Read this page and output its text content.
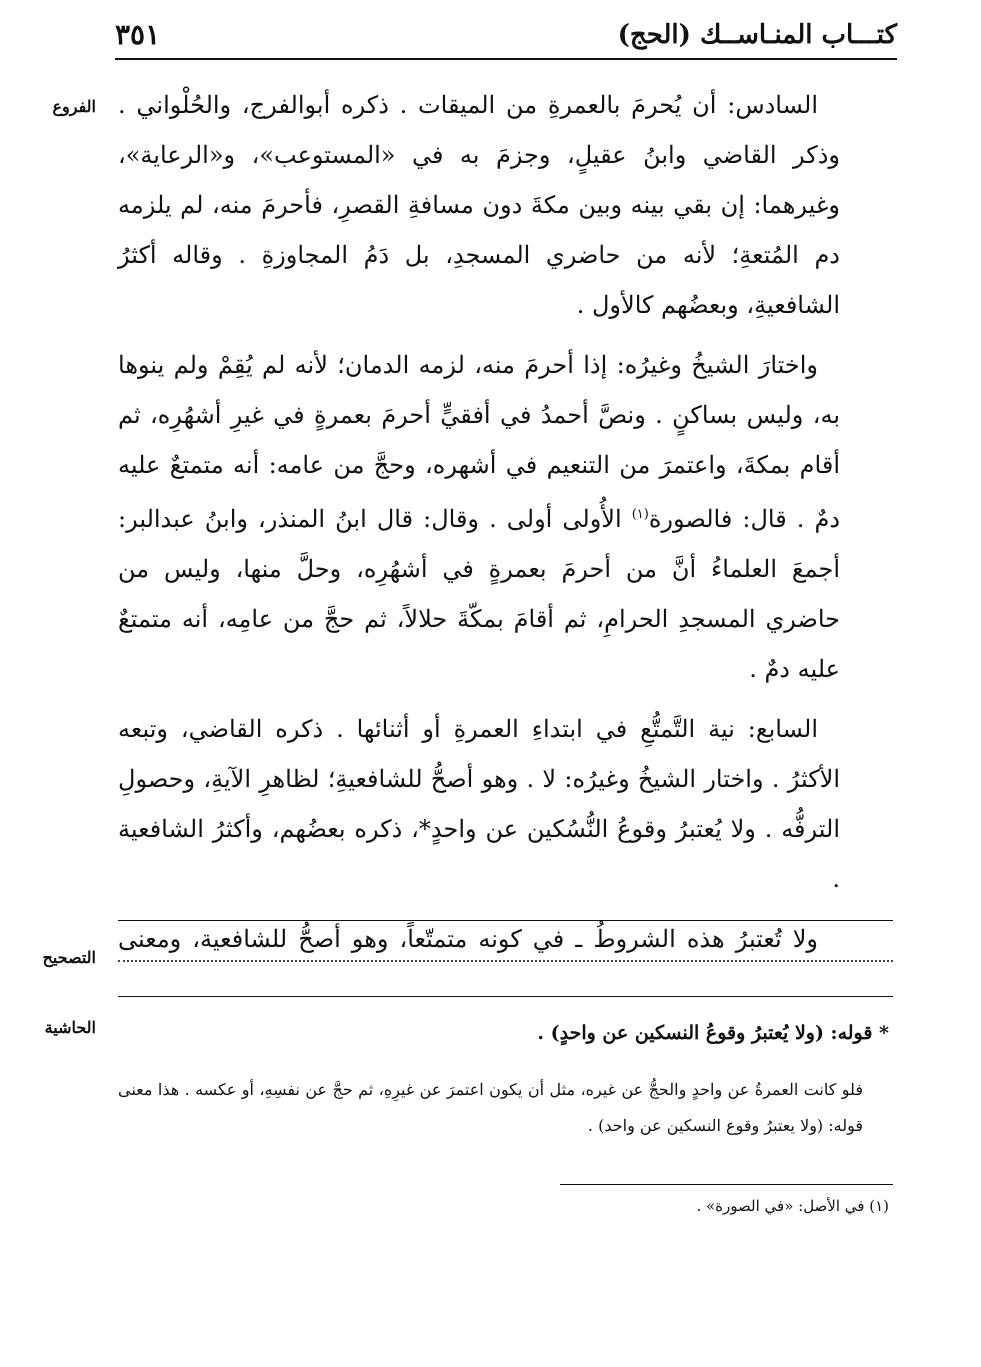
كتـــاب المنـاســك (الحج)
٣٥١
الفروع السادس: أن يُحرمَ بالعمرةِ من الميقات . ذكره أبوالفرج، والحُلْواني . وذكر القاضي وابنُ عقيلٍ، وجزمَ به في «المستوعب»، و«الرعاية»، وغيرهما: إن بقي بينه وبين مكةَ دون مسافةِ القصرِ، فأحرمَ منه، لم يلزمه دم المُتعةِ؛ لأنه من حاضري المسجدِ، بل دَمُ المجاوزةِ . وقاله أكثرُ الشافعيةِ، وبعضُهم كالأول .

واختارَ الشيخُ وغيرُه: إذا أحرمَ منه، لزمه الدمان؛ لأنه لم يُقِمْ ولم ينوها به، وليس بساكنٍ . ونصَّ أحمدُ في أفقيٍّ أحرمَ بعمرةٍ في غيرِ أشهُرِه، ثم أقام بمكةَ، واعتمرَ من التنعيم في أشهره، وحجَّ من عامه: أنه متمتعٌ عليه دمٌ . قال: فالصورة$^{(١)}$ الأُولى أولى . وقال: قال ابنُ المنذر، وابنُ عبدالبر: أجمعَ العلماءُ أنَّ من أحرمَ بعمرةٍ في أشهُرِه، وحلَّ منها، وليس من حاضري المسجدِ الحرامِ، ثم أقامَ بمكّةَ حلالاً، ثم حجَّ من عامِه، أنه متمتعٌ عليه دمٌ .

السابع: نية التَّمتُّعِ في ابتداءِ العمرةِ أو أثنائها . ذكره القاضي، وتبعه الأكثرُ . واختار الشيخُ وغيرُه: لا . وهو أصحُّ للشافعيةِ؛ لظاهرِ الآيةِ، وحصولِ الترفُّه . ولا يُعتبرُ وقوعُ النُّسُكين عن واحدٍ*، ذكره بعضُهم، وأكثرُ الشافعية .

ولا تُعتبرُ هذه الشروطُ ـ في كونه متمتّعاً، وهو أصحُّ للشافعية، ومعنى

التصحيح
الحاشية	* قوله: (ولا يُعتبرُ وقوعُ النسكين عن واحدٍ) .
فلو كانت العمرةُ عن واحدٍ والحجُّ عن غيره، مثل أن يكون اعتمرَ عن غيرِهِ، ثم حجَّ عن نفسِهِ، أو عكسه . هذا معنى قوله: (ولا يعتبرُ وقوع النسكين عن واحد) .
(١) في الأصل: «في الصورة» .
